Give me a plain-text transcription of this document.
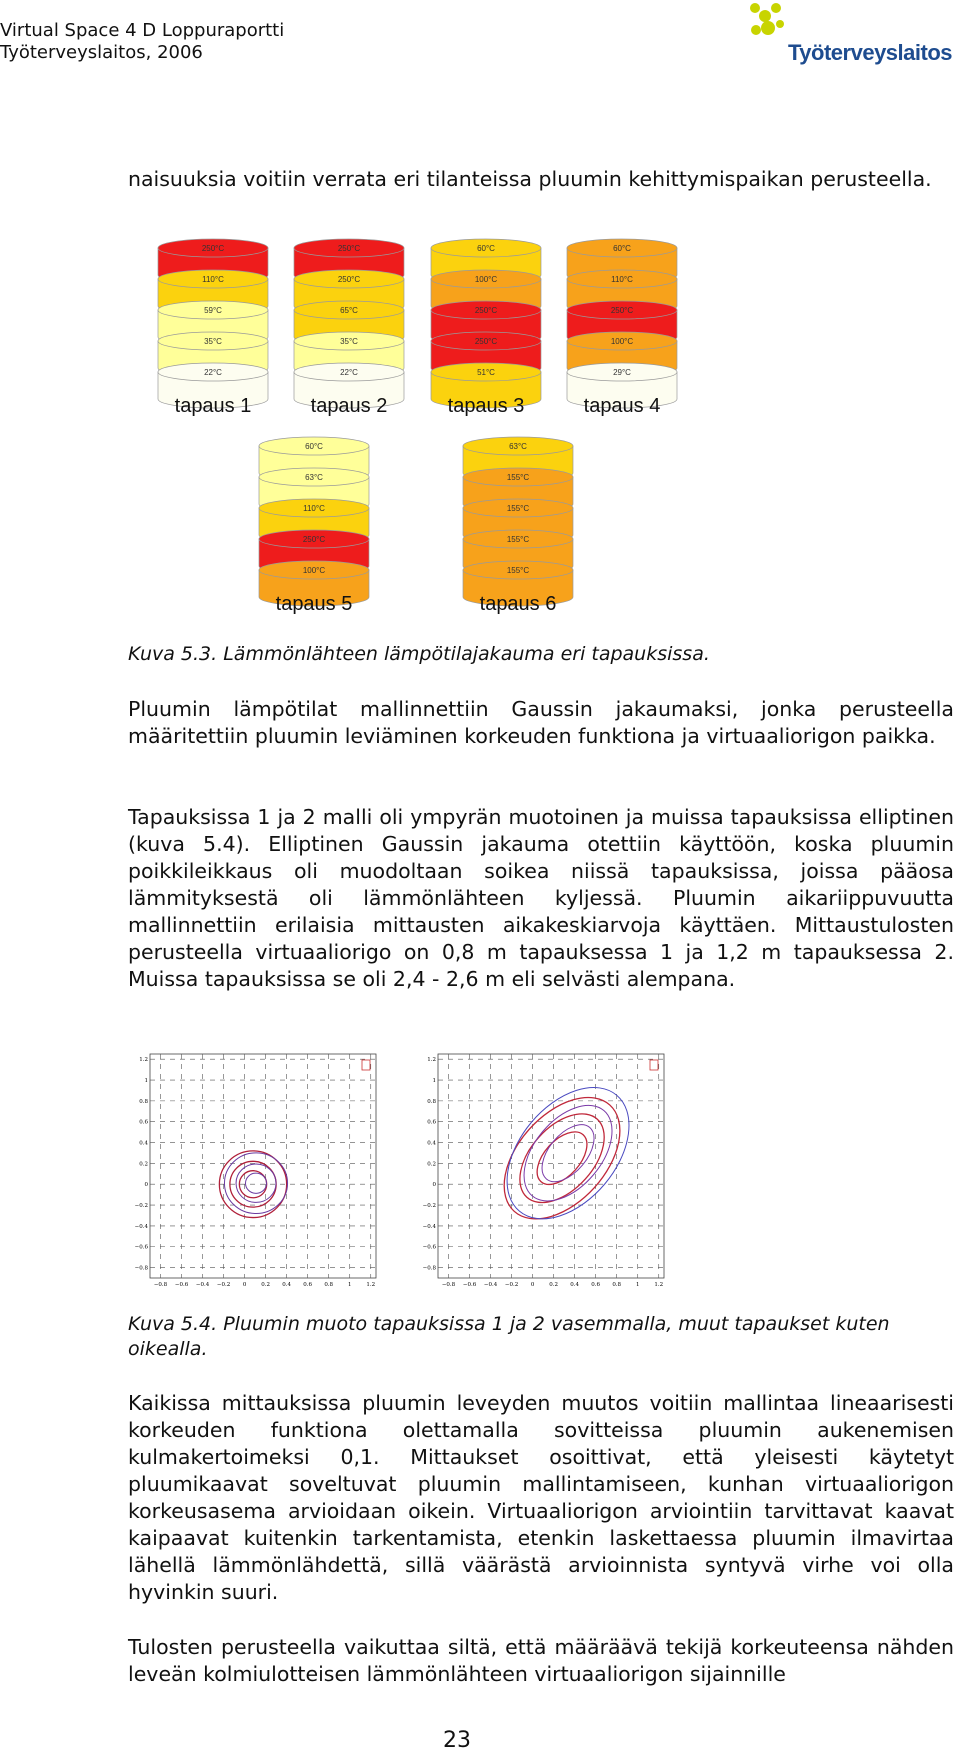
Virtual Space 4 D Loppuraportti
Työterveyslaitos, 2006	Työterveyslaitos

naisuuksia voitiin verrata eri tilanteissa pluumin kehittymispaikan perusteella.

250°C
110°C
59°C
35°C
22°C
tapaus 1
250°C
250°C
65°C
35°C
22°C
tapaus 2
60°C
100°C
250°C
250°C
51°C
tapaus 3
60°C
110°C
250°C
100°C
29°C
tapaus 4
60°C
63°C
110°C
250°C
100°C
tapaus 5
63°C
155°C
155°C
155°C
155°C
tapaus 6

Kuva 5.3. Lämmönlähteen lämpötilajakauma eri tapauksissa.

Pluumin lämpötilat mallinnettiin Gaussin jakaumaksi, jonka perusteella määritettiin pluumin leviäminen korkeuden funktiona ja virtuaaliorigon paikka.

Tapauksissa 1 ja 2 malli oli ympyrän muotoinen ja muissa tapauksissa elliptinen (kuva 5.4). Elliptinen Gaussin jakauma otettiin käyttöön, koska pluumin poikkileikkaus oli muodoltaan soikea niissä tapauksissa, joissa pääosa lämmityksestä oli lämmönlähteen kyljessä. Pluumin aikariippuvuutta mallinnettiin erilaisia mittausten aikakeskiarvoja käyttäen. Mittaustulosten perusteella virtuaaliorigo on 0,8 m tapauksessa 1 ja 1,2 m tapauksessa 2. Muissa tapauksissa se oli 2,4 - 2,6 m eli selvästi alempana.

1.2
1
0.8
0.6
0.4
0.2
0
−0.2
−0.4
−0.6
−0.8
−0.8 −0.6 −0.4 −0.2 0	0.2 0.4 0.6 0.8	1	1.2
1.2
1
0.8
0.6
0.4
0.2
0
−0.2
−0.4
−0.6
−0.8
−0.8 −0.6 −0.4 −0.2 0	0.2 0.4 0.6 0.8	1	1.2

Kuva 5.4. Pluumin muoto tapauksissa 1 ja 2 vasemmalla, muut tapaukset kuten oikealla.

Kaikissa mittauksissa pluumin leveyden muutos voitiin mallintaa lineaarisesti korkeuden funktiona olettamalla sovitteissa pluumin aukenemisen kulmakertoimeksi 0,1. Mittaukset osoittivat, että yleisesti käytetyt pluumikaavat soveltuvat pluumin mallintamiseen, kunhan virtuaaliorigon korkeusasema arvioidaan oikein. Virtuaaliorigon arviointiin tarvittavat kaavat kaipaavat kuitenkin tarkentamista, etenkin laskettaessa pluumin ilmavirtaa lähellä lämmönlähdettä, sillä väärästä arvioinnista syntyvä virhe voi olla hyvinkin suuri.

Tulosten perusteella vaikuttaa siltä, että määräävä tekijä korkeuteensa nähden leveän kolmiulotteisen lämmönlähteen virtuaaliorigon sijainnille

23
